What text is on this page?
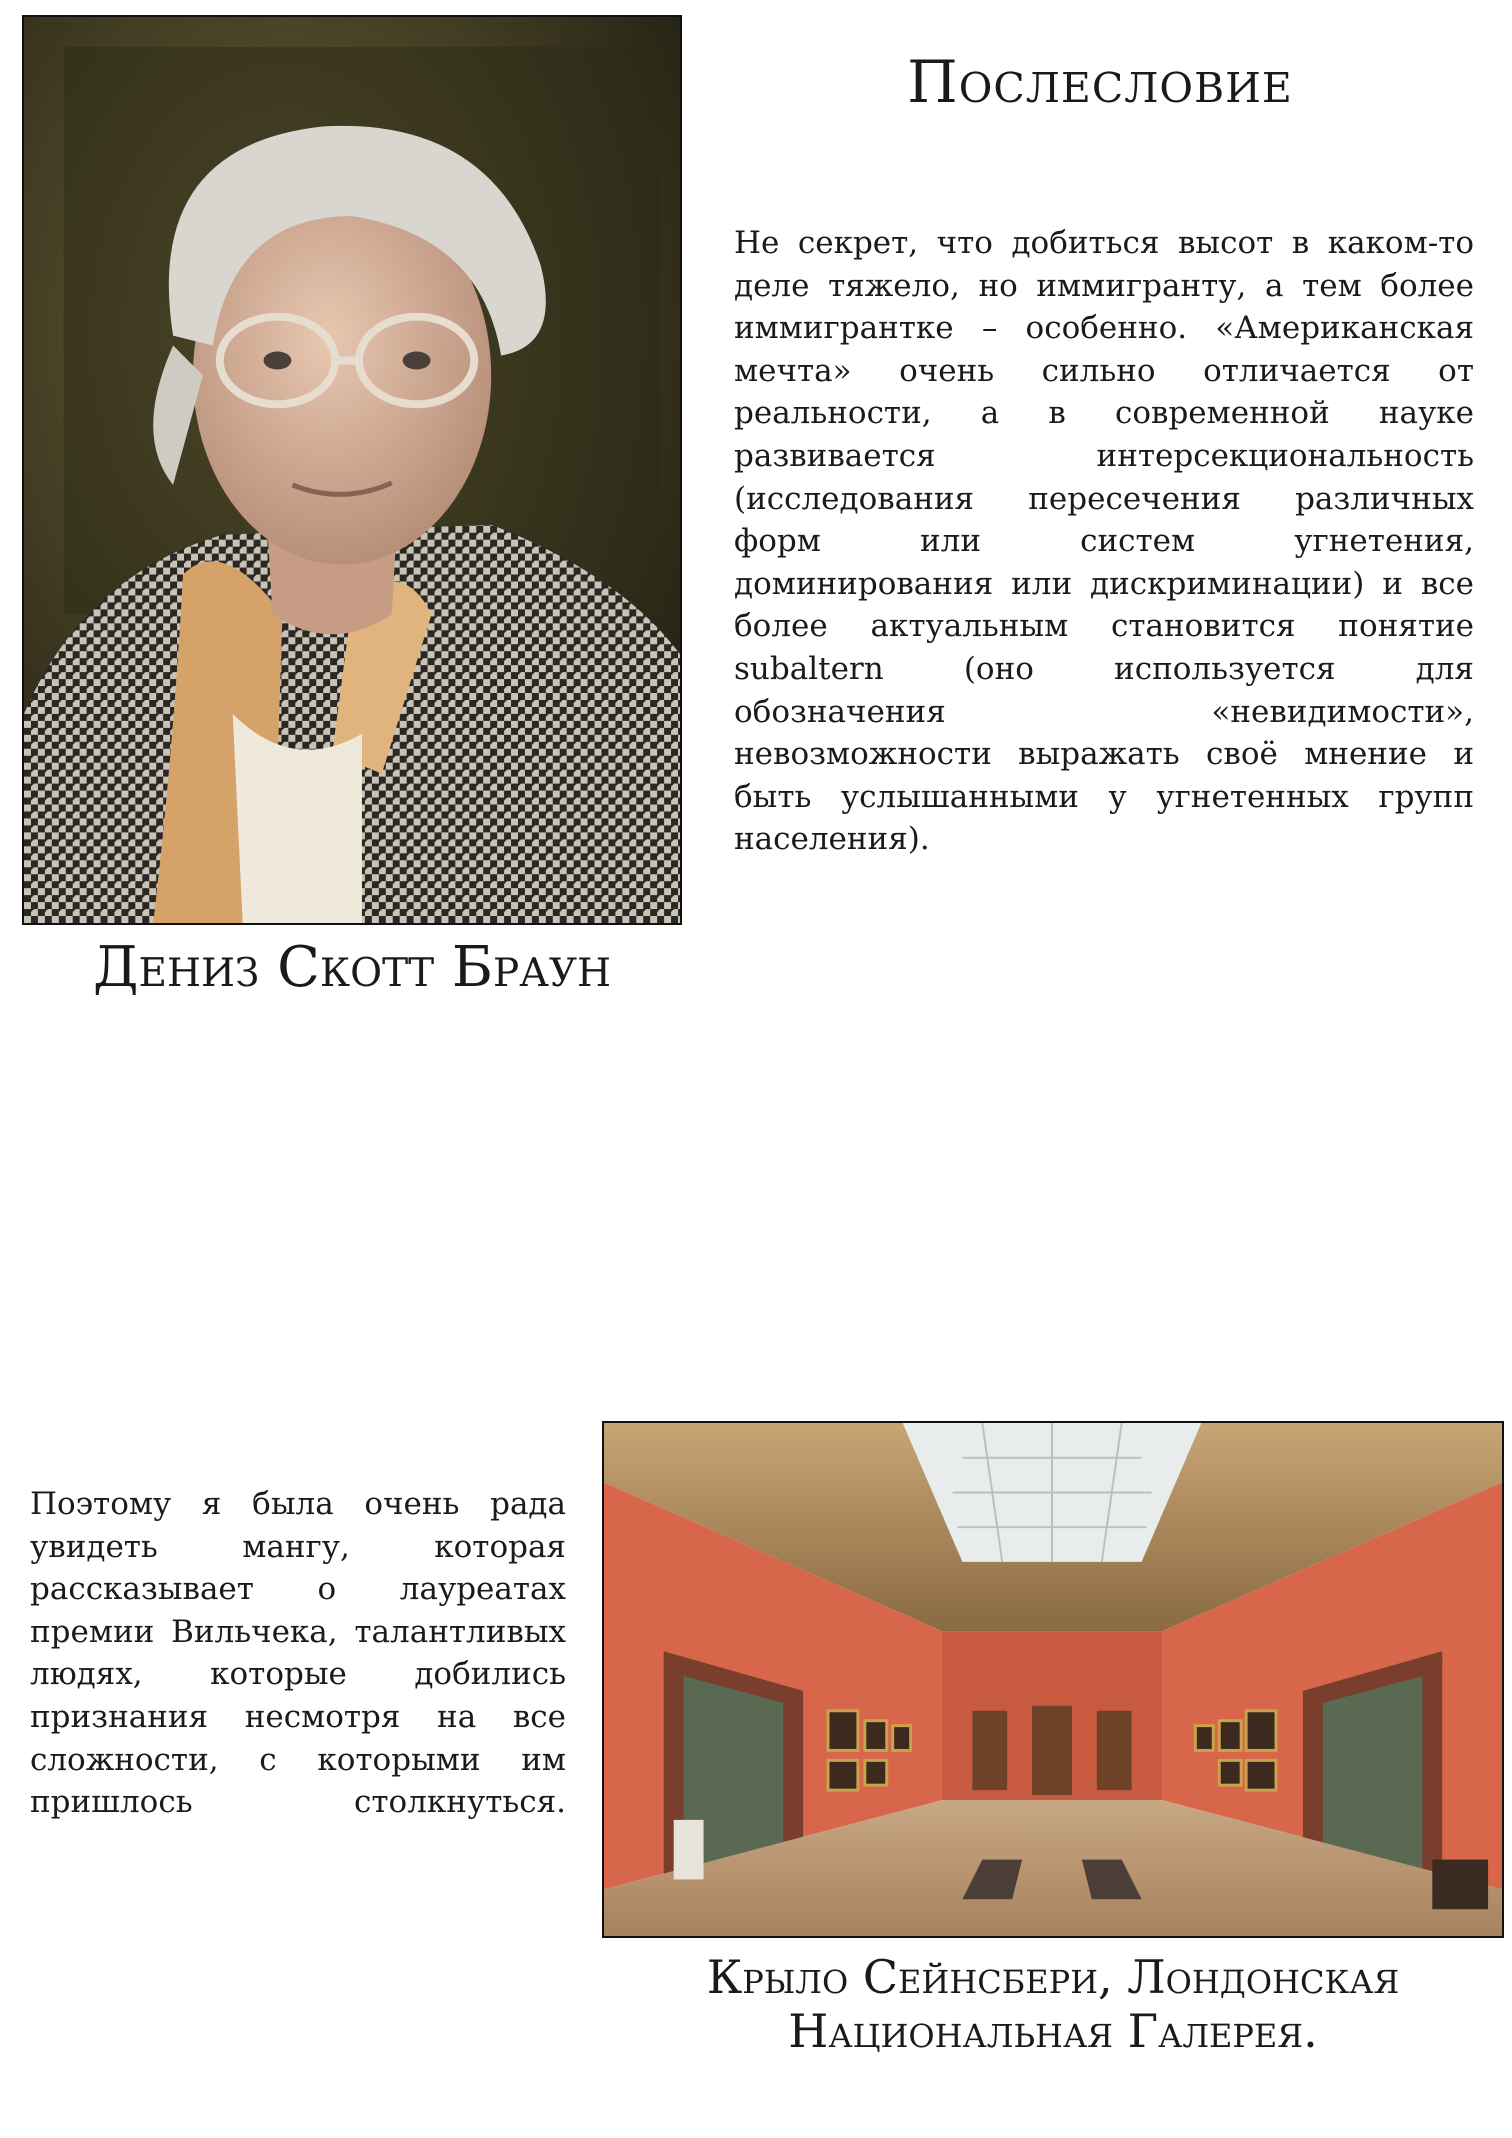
Послесловие

Не секрет, что добиться высот в каком-то деле тяжело, но иммигранту, а тем более иммигрантке – особенно. «Американская мечта» очень сильно отличается от реальности, а в современной науке развивается интерсекциональность (исследования пересечения различных форм или систем угнетения, доминирования или дискриминации) и все более актуальным становится понятие subaltern (оно используется для обозначения «невидимости», невозможности выражать своё мнение и быть услышанными у угнетенных групп населения).

Дениз Скотт Браун

Поэтому я была очень рада увидеть мангу, которая рассказывает о лауреатах премии Вильчека, талантливых людях, которые добились признания несмотря на все сложности, с которыми им пришлось столкнуться.

Крыло Сейнсбери, Лондонская
Национальная Галерея.
